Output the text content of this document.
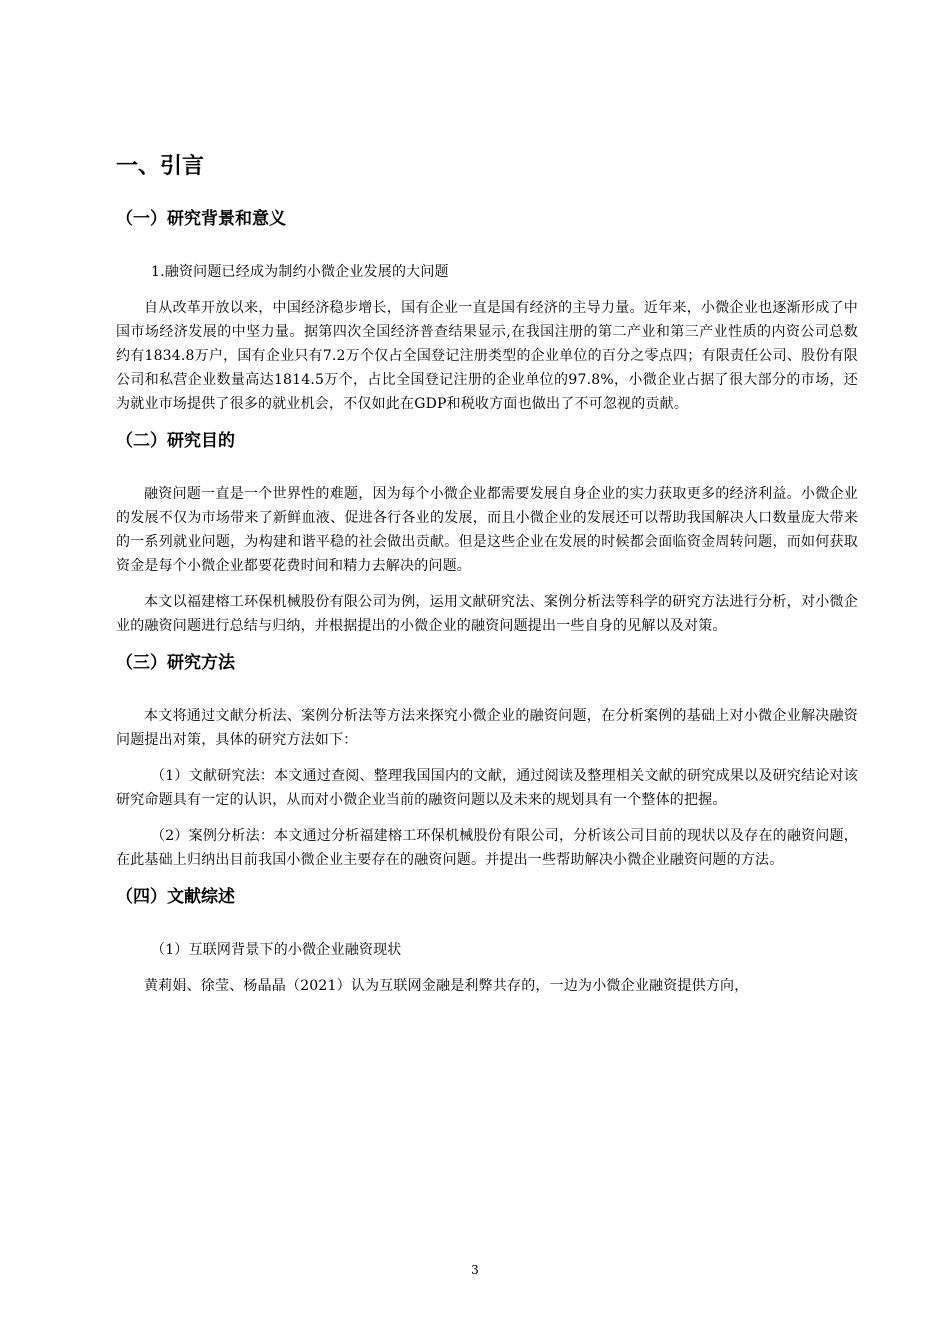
一、引言
（一）研究背景和意义

1.融资问题已经成为制约小微企业发展的大问题

自从改革开放以来，中国经济稳步增长，国有企业一直是国有经济的主导力量。近年来，小微企业也逐渐形成了中国市场经济发展的中坚力量。据第四次全国经济普查结果显示,在我国注册的第二产业和第三产业性质的内资公司总数约有1834.8万户，国有企业只有7.2万个仅占全国登记注册类型的企业单位的百分之零点四；有限责任公司、股份有限公司和私营企业数量高达1814.5万个，占比全国登记注册的企业单位的97.8%，小微企业占据了很大部分的市场，还为就业市场提供了很多的就业机会，不仅如此在GDP和税收方面也做出了不可忽视的贡献。

（二）研究目的

融资问题一直是一个世界性的难题，因为每个小微企业都需要发展自身企业的实力获取更多的经济利益。小微企业的发展不仅为市场带来了新鲜血液、促进各行各业的发展，而且小微企业的发展还可以帮助我国解决人口数量庞大带来的一系列就业问题，为构建和谐平稳的社会做出贡献。但是这些企业在发展的时候都会面临资金周转问题，而如何获取资金是每个小微企业都要花费时间和精力去解决的问题。

本文以福建榕工环保机械股份有限公司为例，运用文献研究法、案例分析法等科学的研究方法进行分析，对小微企业的融资问题进行总结与归纳，并根据提出的小微企业的融资问题提出一些自身的见解以及对策。

（三）研究方法

本文将通过文献分析法、案例分析法等方法来探究小微企业的融资问题，在分析案例的基础上对小微企业解决融资问题提出对策，具体的研究方法如下：

（1）文献研究法：本文通过查阅、整理我国国内的文献，通过阅读及整理相关文献的研究成果以及研究结论对该研究命题具有一定的认识，从而对小微企业当前的融资问题以及未来的规划具有一个整体的把握。

（2）案例分析法：本文通过分析福建榕工环保机械股份有限公司，分析该公司目前的现状以及存在的融资问题，在此基础上归纳出目前我国小微企业主要存在的融资问题。并提出一些帮助解决小微企业融资问题的方法。

（四）文献综述

（1）互联网背景下的小微企业融资现状

黄莉娟、徐莹、杨晶晶（2021）认为互联网金融是利弊共存的，一边为小微企业融资提供方向，

3
